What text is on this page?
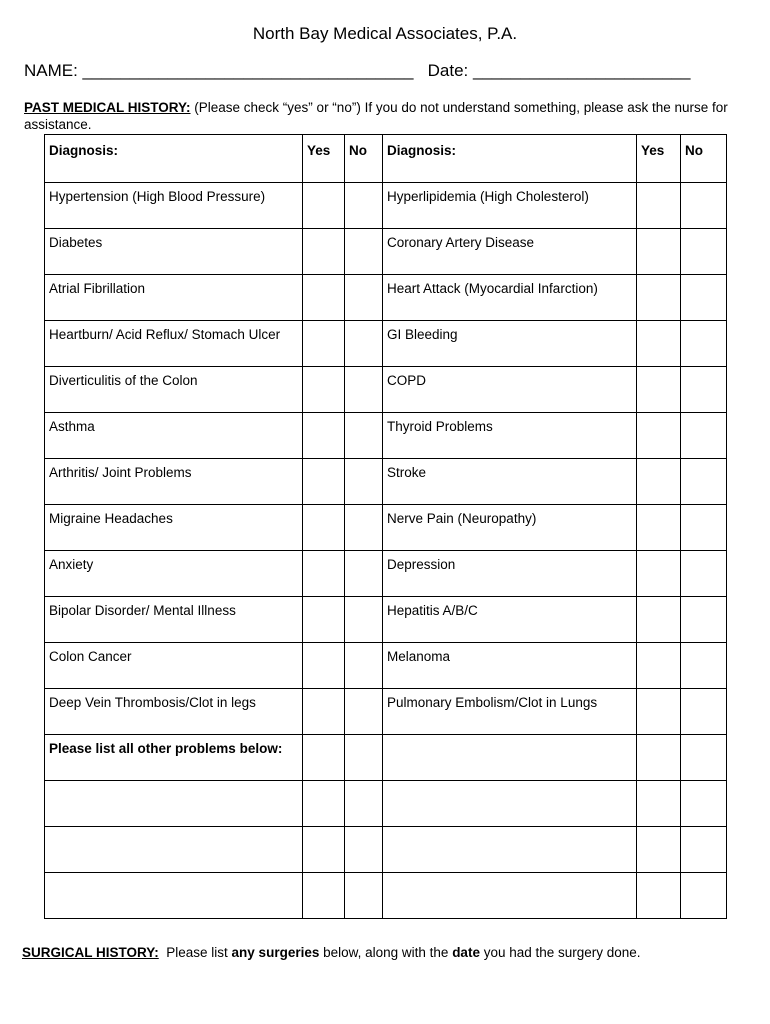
North Bay Medical Associates, P.A.
NAME: ___________________________________   Date: _______________________
PAST MEDICAL HISTORY: (Please check “yes” or “no”) If you do not understand something, please ask the nurse for assistance.
Diagnosis:	Yes	No	Diagnosis:	Yes	No
Hypertension (High Blood Pressure)			Hyperlipidemia (High Cholesterol)		
Diabetes			Coronary Artery Disease		
Atrial Fibrillation			Heart Attack (Myocardial Infarction)		
Heartburn/ Acid Reflux/ Stomach Ulcer			GI Bleeding		
Diverticulitis of the Colon			COPD		
Asthma			Thyroid Problems		
Arthritis/ Joint Problems			Stroke		
Migraine Headaches			Nerve Pain (Neuropathy)		
Anxiety			Depression		
Bipolar Disorder/ Mental Illness			Hepatitis A/B/C		
Colon Cancer			Melanoma		
Deep Vein Thrombosis/Clot in legs			Pulmonary Embolism/Clot in Lungs		
Please list all other problems below:					

SURGICAL HISTORY:  Please list any surgeries below, along with the date you had the surgery done.
